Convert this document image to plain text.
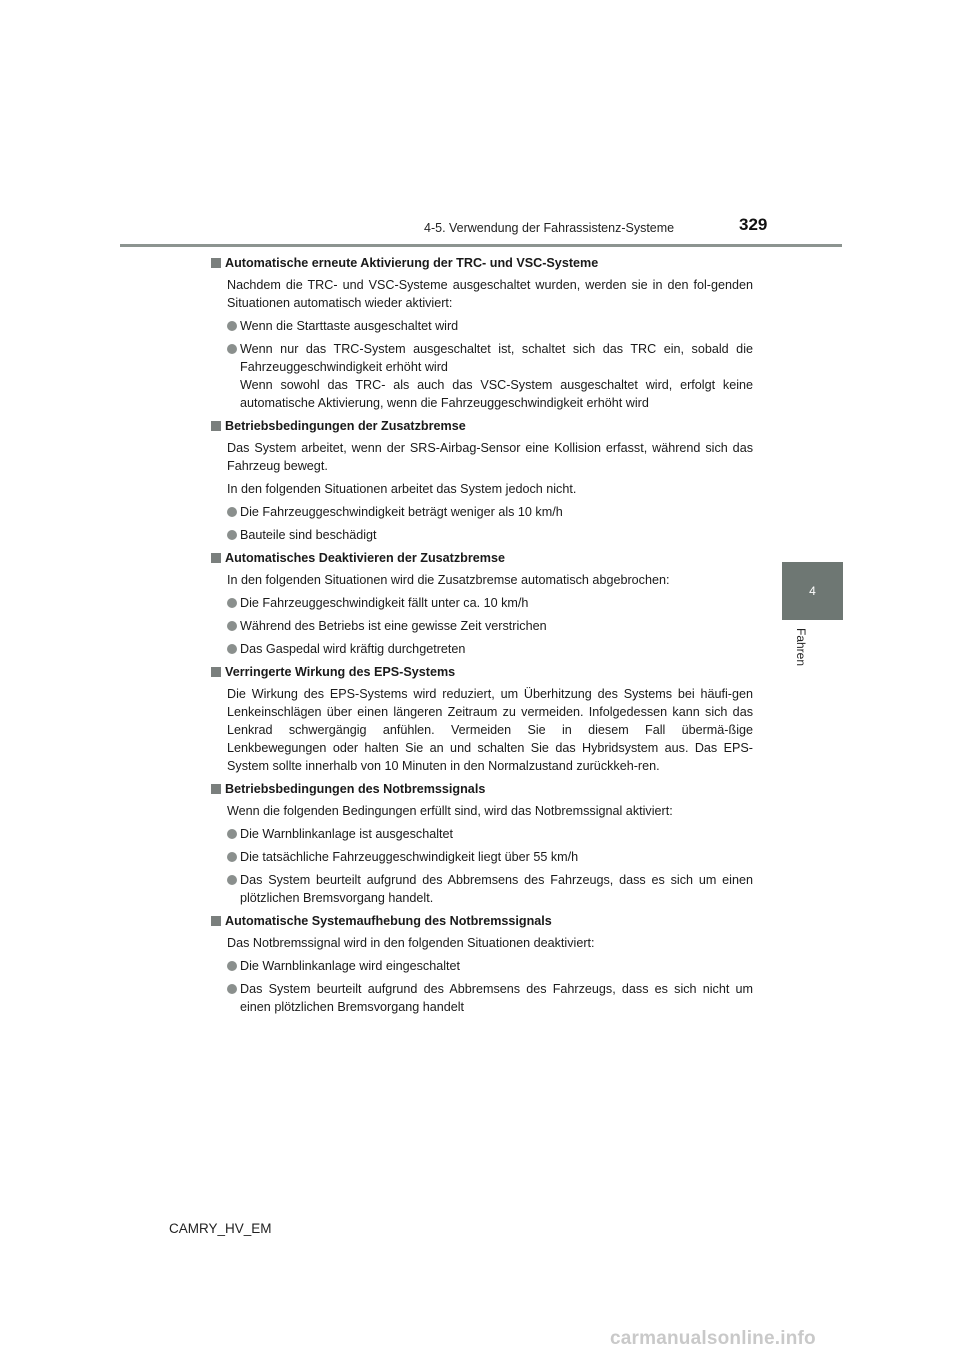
4-5. Verwendung der Fahrassistenz-Systeme	329
4
Fahren
Automatische erneute Aktivierung der TRC- und VSC-Systeme

Nachdem die TRC- und VSC-Systeme ausgeschaltet wurden, werden sie in den fol-genden Situationen automatisch wieder aktiviert:

Wenn die Starttaste ausgeschaltet wird
Wenn nur das TRC-System ausgeschaltet ist, schaltet sich das TRC ein, sobald die Fahrzeuggeschwindigkeit erhöht wird
Wenn sowohl das TRC- als auch das VSC-System ausgeschaltet wird, erfolgt keine automatische Aktivierung, wenn die Fahrzeuggeschwindigkeit erhöht wird
Betriebsbedingungen der Zusatzbremse

Das System arbeitet, wenn der SRS-Airbag-Sensor eine Kollision erfasst, während sich das Fahrzeug bewegt.

In den folgenden Situationen arbeitet das System jedoch nicht.

Die Fahrzeuggeschwindigkeit beträgt weniger als 10 km/h
Bauteile sind beschädigt
Automatisches Deaktivieren der Zusatzbremse

In den folgenden Situationen wird die Zusatzbremse automatisch abgebrochen:

Die Fahrzeuggeschwindigkeit fällt unter ca. 10 km/h
Während des Betriebs ist eine gewisse Zeit verstrichen
Das Gaspedal wird kräftig durchgetreten
Verringerte Wirkung des EPS-Systems

Die Wirkung des EPS-Systems wird reduziert, um Überhitzung des Systems bei häufi-gen Lenkeinschlägen über einen längeren Zeitraum zu vermeiden. Infolgedessen kann sich das Lenkrad schwergängig anfühlen. Vermeiden Sie in diesem Fall übermä-ßige Lenkbewegungen oder halten Sie an und schalten Sie das Hybridsystem aus. Das EPS-System sollte innerhalb von 10 Minuten in den Normalzustand zurückkeh-ren.

Betriebsbedingungen des Notbremssignals

Wenn die folgenden Bedingungen erfüllt sind, wird das Notbremssignal aktiviert:

Die Warnblinkanlage ist ausgeschaltet
Die tatsächliche Fahrzeuggeschwindigkeit liegt über 55 km/h
Das System beurteilt aufgrund des Abbremsens des Fahrzeugs, dass es sich um einen plötzlichen Bremsvorgang handelt.
Automatische Systemaufhebung des Notbremssignals

Das Notbremssignal wird in den folgenden Situationen deaktiviert:

Die Warnblinkanlage wird eingeschaltet
Das System beurteilt aufgrund des Abbremsens des Fahrzeugs, dass es sich nicht um einen plötzlichen Bremsvorgang handelt
CAMRY_HV_EM
carmanualsonline.info
